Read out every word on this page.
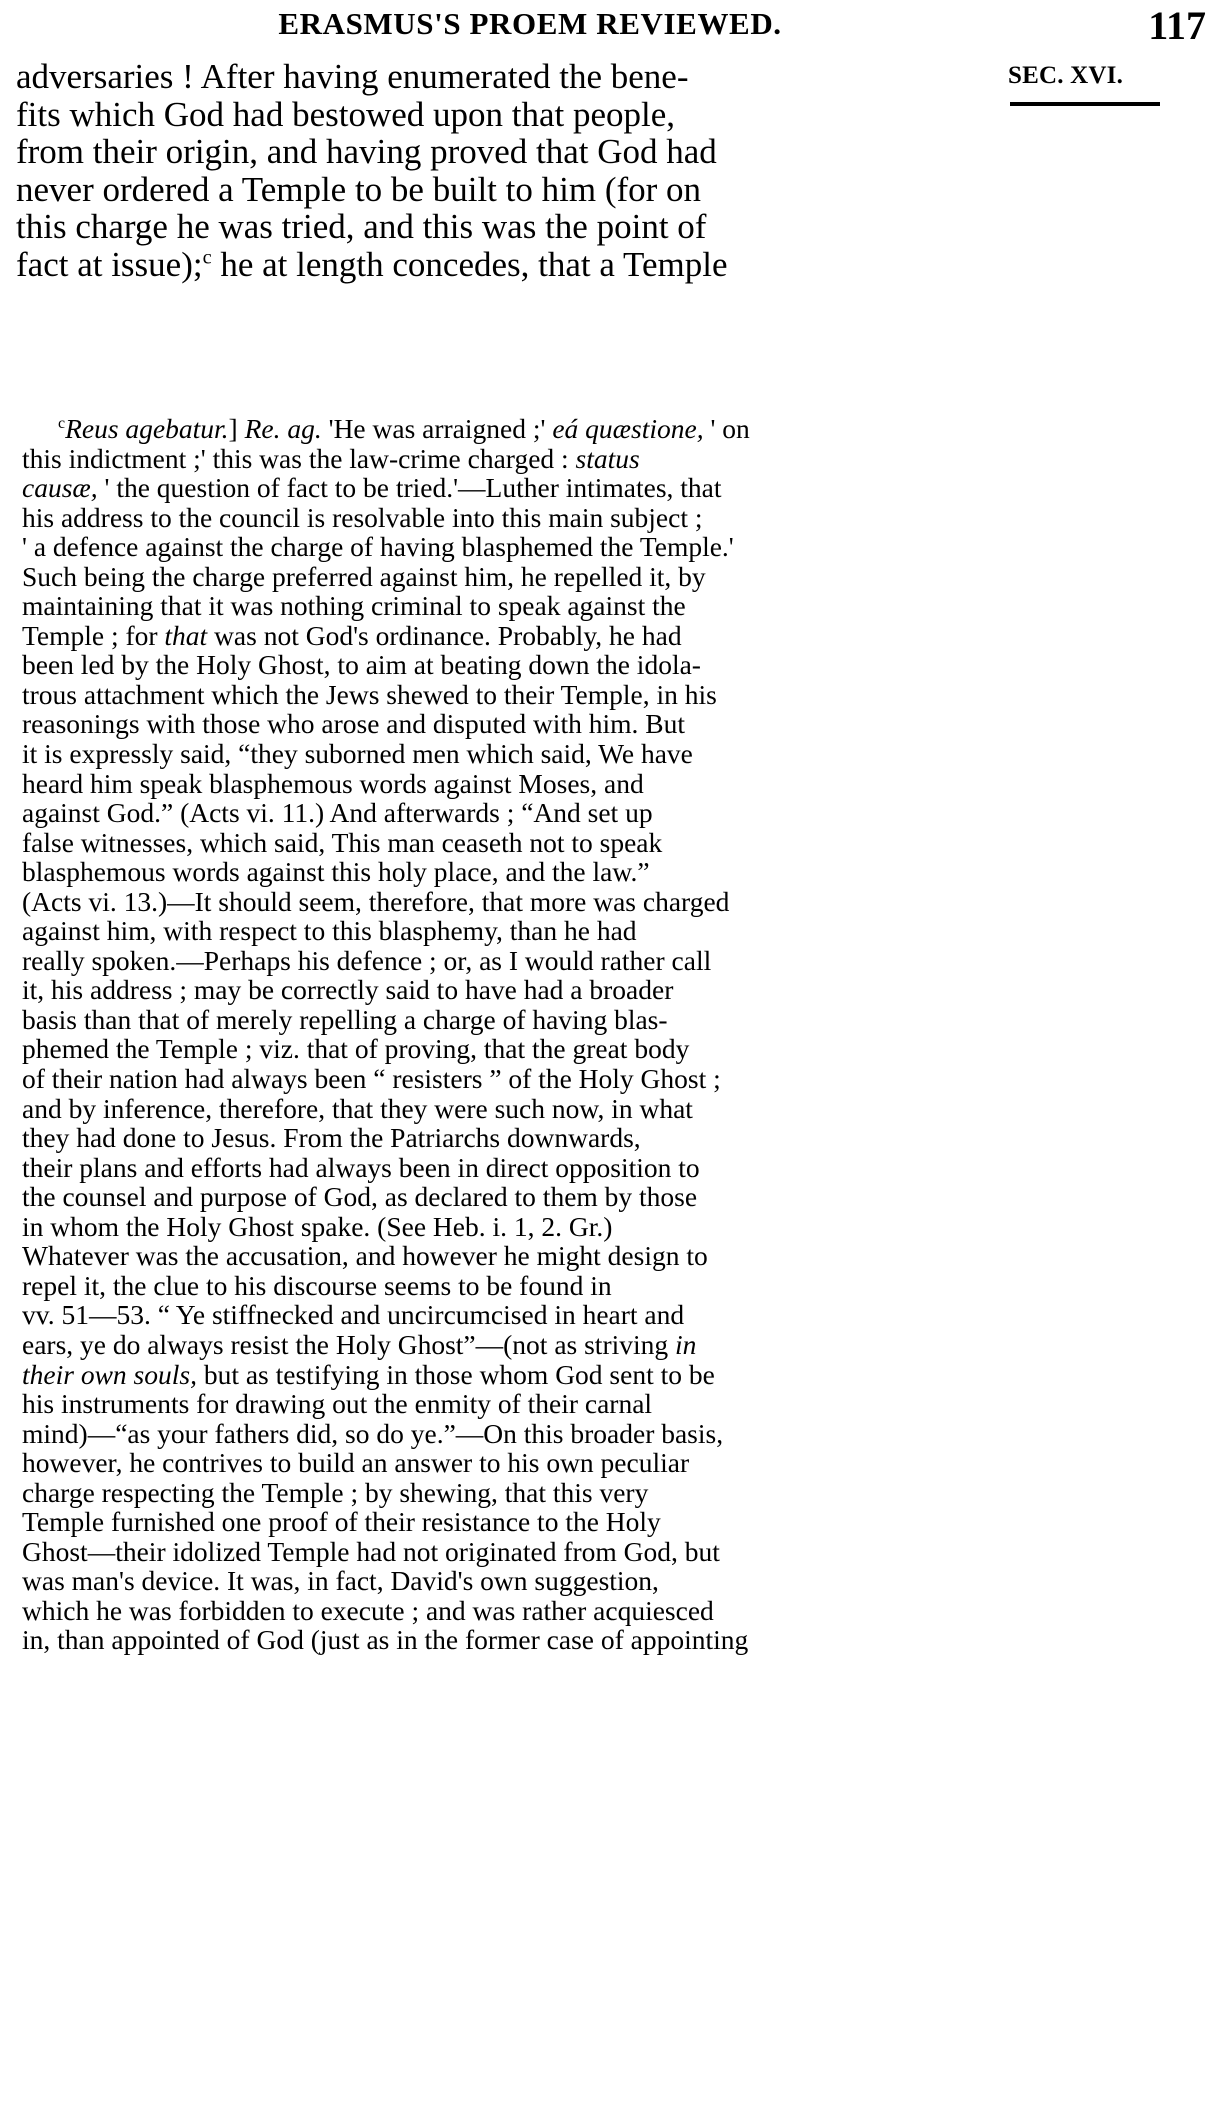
ERASMUS'S PROEM REVIEWED.	117
SEC. XVI.
adversaries ! After having enumerated the bene-
fits which God had bestowed upon that people,
from their origin, and having proved that God had
never ordered a Temple to be built to him (for on
this charge he was tried, and this was the point of
fact at issue);$^c$ he at length concedes, that a Temple
$^c$Reus agebatur.] Re. ag. 'He was arraigned ;' eá quæstione, ' on
this indictment ;' this was the law-crime charged : status
causæ, ' the question of fact to be tried.'—Luther intimates, that
his address to the council is resolvable into this main subject ;
' a defence against the charge of having blasphemed the Temple.'
Such being the charge preferred against him, he repelled it, by
maintaining that it was nothing criminal to speak against the
Temple ; for that was not God's ordinance. Probably, he had
been led by the Holy Ghost, to aim at beating down the idola-
trous attachment which the Jews shewed to their Temple, in his
reasonings with those who arose and disputed with him. But
it is expressly said, “they suborned men which said, We have
heard him speak blasphemous words against Moses, and
against God.” (Acts vi. 11.) And afterwards ; “And set up
false witnesses, which said, This man ceaseth not to speak
blasphemous words against this holy place, and the law.”
(Acts vi. 13.)—It should seem, therefore, that more was charged
against him, with respect to this blasphemy, than he had
really spoken.—Perhaps his defence ; or, as I would rather call
it, his address ; may be correctly said to have had a broader
basis than that of merely repelling a charge of having blas-
phemed the Temple ; viz. that of proving, that the great body
of their nation had always been “ resisters ” of the Holy Ghost ;
and by inference, therefore, that they were such now, in what
they had done to Jesus. From the Patriarchs downwards,
their plans and efforts had always been in direct opposition to
the counsel and purpose of God, as declared to them by those
in whom the Holy Ghost spake. (See Heb. i. 1, 2. Gr.)
Whatever was the accusation, and however he might design to
repel it, the clue to his discourse seems to be found in
vv. 51—53. “ Ye stiffnecked and uncircumcised in heart and
ears, ye do always resist the Holy Ghost”—(not as striving in
their own souls, but as testifying in those whom God sent to be
his instruments for drawing out the enmity of their carnal
mind)—“as your fathers did, so do ye.”—On this broader basis,
however, he contrives to build an answer to his own peculiar
charge respecting the Temple ; by shewing, that this very
Temple furnished one proof of their resistance to the Holy
Ghost—their idolized Temple had not originated from God, but
was man's device. It was, in fact, David's own suggestion,
which he was forbidden to execute ; and was rather acquiesced
in, than appointed of God (just as in the former case of appointing
